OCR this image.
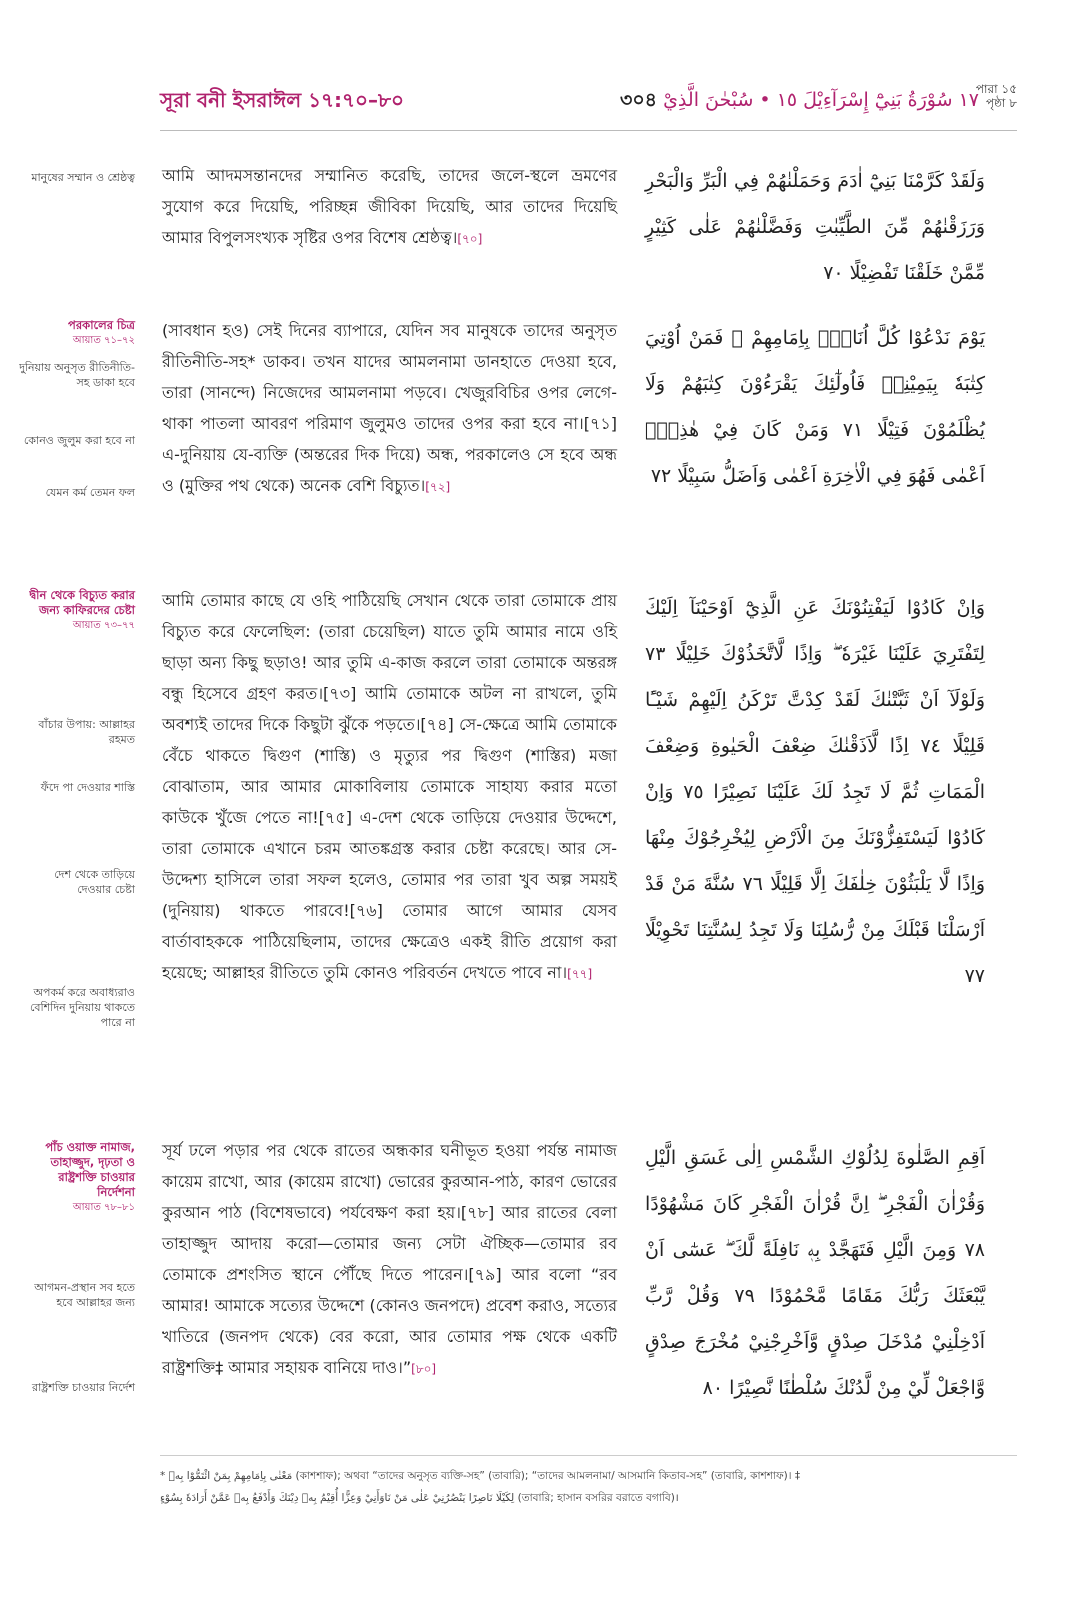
সূরা বনী ইসরাঈল ১৭:৭০–৮০	١٧ سُوْرَةُ بَنِيْٓ إِسْرَآءِيْلَ ١٥ • سُبْحٰنَ الَّذِيْ ৩০৪	পারা ১৫
পৃষ্ঠা ৮
মানুষের সম্মান ও শ্রেষ্ঠত্ব আমি আদমসন্তানদের সম্মানিত করেছি, তাদের জলে-স্থলে ভ্রমণের সুযোগ করে দিয়েছি, পরিচ্ছন্ন জীবিকা দিয়েছি, আর তাদের দিয়েছি আমার বিপুলসংখ্যক সৃষ্টির ওপর বিশেষ শ্রেষ্ঠত্ব।[৭০]
وَلَقَدْ كَرَّمْنَا بَنِيْٓ اٰدَمَ وَحَمَلْنٰهُمْ فِي الْبَرِّ وَالْبَحْرِ وَرَزَقْنٰهُمْ مِّنَ الطَّيِّبٰتِ وَفَضَّلْنٰهُمْ عَلٰى كَثِيْرٍ مِّمَّنْ خَلَقْنَا تَفْضِيْلًا ٧٠
পরকালের চিত্র
আয়াত ৭১–৭২
দুনিয়ায় অনুসৃত রীতিনীতি-সহ ডাকা হবে
কোনও জুলুম করা হবে না
যেমন কর্ম তেমন ফল
(সাবধান হও) সেই দিনের ব্যাপারে, যেদিন সব মানুষকে তাদের অনুসৃত রীতিনীতি-সহ* ডাকব। তখন যাদের আমলনামা ডানহাতে দেওয়া হবে, তারা (সানন্দে) নিজেদের আমলনামা পড়বে। খেজুরবিচির ওপর লেগে-থাকা পাতলা আবরণ পরিমাণ জুলুমও তাদের ওপর করা হবে না।[৭১] এ-দুনিয়ায় যে-ব্যক্তি (অন্তরের দিক দিয়ে) অন্ধ, পরকালেও সে হবে অন্ধ ও (মুক্তির পথ থেকে) অনেক বেশি বিচ্যুত।[৭২]
يَوْمَ نَدْعُوْا كُلَّ اُنَاسٍۭ بِاِمَامِهِمْ ۚ فَمَنْ اُوْتِيَ كِتٰبَهٗ بِيَمِيْنِهٖ فَاُولٰٓئِكَ يَقْرَءُوْنَ كِتٰبَهُمْ وَلَا يُظْلَمُوْنَ فَتِيْلًا ٧١ وَمَنْ كَانَ فِيْ هٰذِهٖٓ اَعْمٰى فَهُوَ فِي الْاٰخِرَةِ اَعْمٰى وَاَضَلُّ سَبِيْلًا ٧٢
দ্বীন থেকে বিচ্যুত করার জন্য কাফিরদের চেষ্টা
আয়াত ৭৩–৭৭
বাঁচার উপায়: আল্লাহর রহমত
ফঁদে পা দেওয়ার শাস্তি
দেশ থেকে তাড়িয়ে দেওয়ার চেষ্টা
অপকর্ম করে অবাধ্যরাও বেশিদিন দুনিয়ায় থাকতে পারে না
আমি তোমার কাছে যে ওহি পাঠিয়েছি সেখান থেকে তারা তোমাকে প্রায় বিচ্যুত করে ফেলেছিল: (তারা চেয়েছিল) যাতে তুমি আমার নামে ওহি ছাড়া অন্য কিছু ছড়াও! আর তুমি এ-কাজ করলে তারা তোমাকে অন্তরঙ্গ বন্ধু হিসেবে গ্রহণ করত।[৭৩] আমি তোমাকে অটল না রাখলে, তুমি অবশ্যই তাদের দিকে কিছুটা ঝুঁকে পড়তে।[৭৪] সে-ক্ষেত্রে আমি তোমাকে বেঁচে থাকতে দ্বিগুণ (শাস্তি) ও মৃত্যুর পর দ্বিগুণ (শাস্তির) মজা বোঝাতাম, আর আমার মোকাবিলায় তোমাকে সাহায্য করার মতো কাউকে খুঁজে পেতে না![৭৫] এ-দেশ থেকে তাড়িয়ে দেওয়ার উদ্দেশে, তারা তোমাকে এখানে চরম আতঙ্কগ্রস্ত করার চেষ্টা করেছে। আর সে-উদ্দেশ্য হাসিলে তারা সফল হলেও, তোমার পর তারা খুব অল্প সময়ই (দুনিয়ায়) থাকতে পারবে![৭৬] তোমার আগে আমার যেসব বার্তাবাহককে পাঠিয়েছিলাম, তাদের ক্ষেত্রেও একই রীতি প্রয়োগ করা হয়েছে; আল্লাহর রীতিতে তুমি কোনও পরিবর্তন দেখতে পাবে না।[৭৭]
وَاِنْ كَادُوْا لَيَفْتِنُوْنَكَ عَنِ الَّذِيْٓ اَوْحَيْنَآ اِلَيْكَ لِتَفْتَرِيَ عَلَيْنَا غَيْرَهٗ ۖ وَاِذًا لَّاتَّخَذُوْكَ خَلِيْلًا ٧٣ وَلَوْلَآ اَنْ ثَبَّتْنٰكَ لَقَدْ كِدْتَّ تَرْكَنُ اِلَيْهِمْ شَيْـًٔا قَلِيْلًا ٧٤ اِذًا لَّاَذَقْنٰكَ ضِعْفَ الْحَيٰوةِ وَضِعْفَ الْمَمَاتِ ثُمَّ لَا تَجِدُ لَكَ عَلَيْنَا نَصِيْرًا ٧٥ وَاِنْ كَادُوْا لَيَسْتَفِزُّوْنَكَ مِنَ الْاَرْضِ لِيُخْرِجُوْكَ مِنْهَا وَاِذًا لَّا يَلْبَثُوْنَ خِلٰفَكَ اِلَّا قَلِيْلًا ٧٦ سُنَّةَ مَنْ قَدْ اَرْسَلْنَا قَبْلَكَ مِنْ رُّسُلِنَا وَلَا تَجِدُ لِسُنَّتِنَا تَحْوِيْلًا ٧٧
পাঁচ ওয়াক্ত নামাজ, তাহাজ্জুদ, দৃঢ়তা ও রাষ্ট্রশক্তি চাওয়ার নির্দেশনা
আয়াত ৭৮–৮১
আগমন-প্রস্থান সব হতে হবে আল্লাহর জন্য
রাষ্ট্রশক্তি চাওয়ার নির্দেশ
সূর্য ঢলে পড়ার পর থেকে রাতের অন্ধকার ঘনীভূত হওয়া পর্যন্ত নামাজ কায়েম রাখো, আর (কায়েম রাখো) ভোরের কুরআন-পাঠ, কারণ ভোরের কুরআন পাঠ (বিশেষভাবে) পর্যবেক্ষণ করা হয়।[৭৮] আর রাতের বেলা তাহাজ্জুদ আদায় করো—তোমার জন্য সেটা ঐচ্ছিক—তোমার রব তোমাকে প্রশংসিত স্থানে পৌঁছে দিতে পারেন।[৭৯] আর বলো “রব আমার! আমাকে সত্যের উদ্দেশে (কোনও জনপদে) প্রবেশ করাও, সত্যের খাতিরে (জনপদ থেকে) বের করো, আর তোমার পক্ষ থেকে একটি রাষ্ট্রশক্তি‡ আমার সহায়ক বানিয়ে দাও।”[৮০]
اَقِمِ الصَّلٰوةَ لِدُلُوْكِ الشَّمْسِ اِلٰى غَسَقِ الَّيْلِ وَقُرْاٰنَ الْفَجْرِ ۖ اِنَّ قُرْاٰنَ الْفَجْرِ كَانَ مَشْهُوْدًا ٧٨ وَمِنَ الَّيْلِ فَتَهَجَّدْ بِهٖ نَافِلَةً لَّكَ ۖ عَسٰٓى اَنْ يَّبْعَثَكَ رَبُّكَ مَقَامًا مَّحْمُوْدًا ٧٩ وَقُلْ رَّبِّ اَدْخِلْنِيْ مُدْخَلَ صِدْقٍ وَّاَخْرِجْنِيْ مُخْرَجَ صِدْقٍ وَّاجْعَلْ لِّيْ مِنْ لَّدُنْكَ سُلْطٰنًا نَّصِيْرًا ٨٠
* مَعْنٰى بِاِمَامِهِمْ بِمَنْ ائْتَمُّوْا بِهٖ (কাশশাফ); অথবা “তাদের অনুসৃত ব্যক্তি-সহ” (তাবারি); “তাদের আমলনামা/ আসমানি কিতাব-সহ” (তাবারি, কাশশাফ)। ‡
لِكَيْلَا نَاصِرًا يَنْصُرُنِيْ عَلٰى مَنْ نَاوَأَنِيْ وَعِزًّا أُقِيْمُ بِهٖ دِيْنَكَ وَأَدْفَعُ بِهٖ عَمَّنْ أَرَادَهٗ بِسُوْءٍ (তাবারি; হাসান বসরির বরাতে বগাবি)।
